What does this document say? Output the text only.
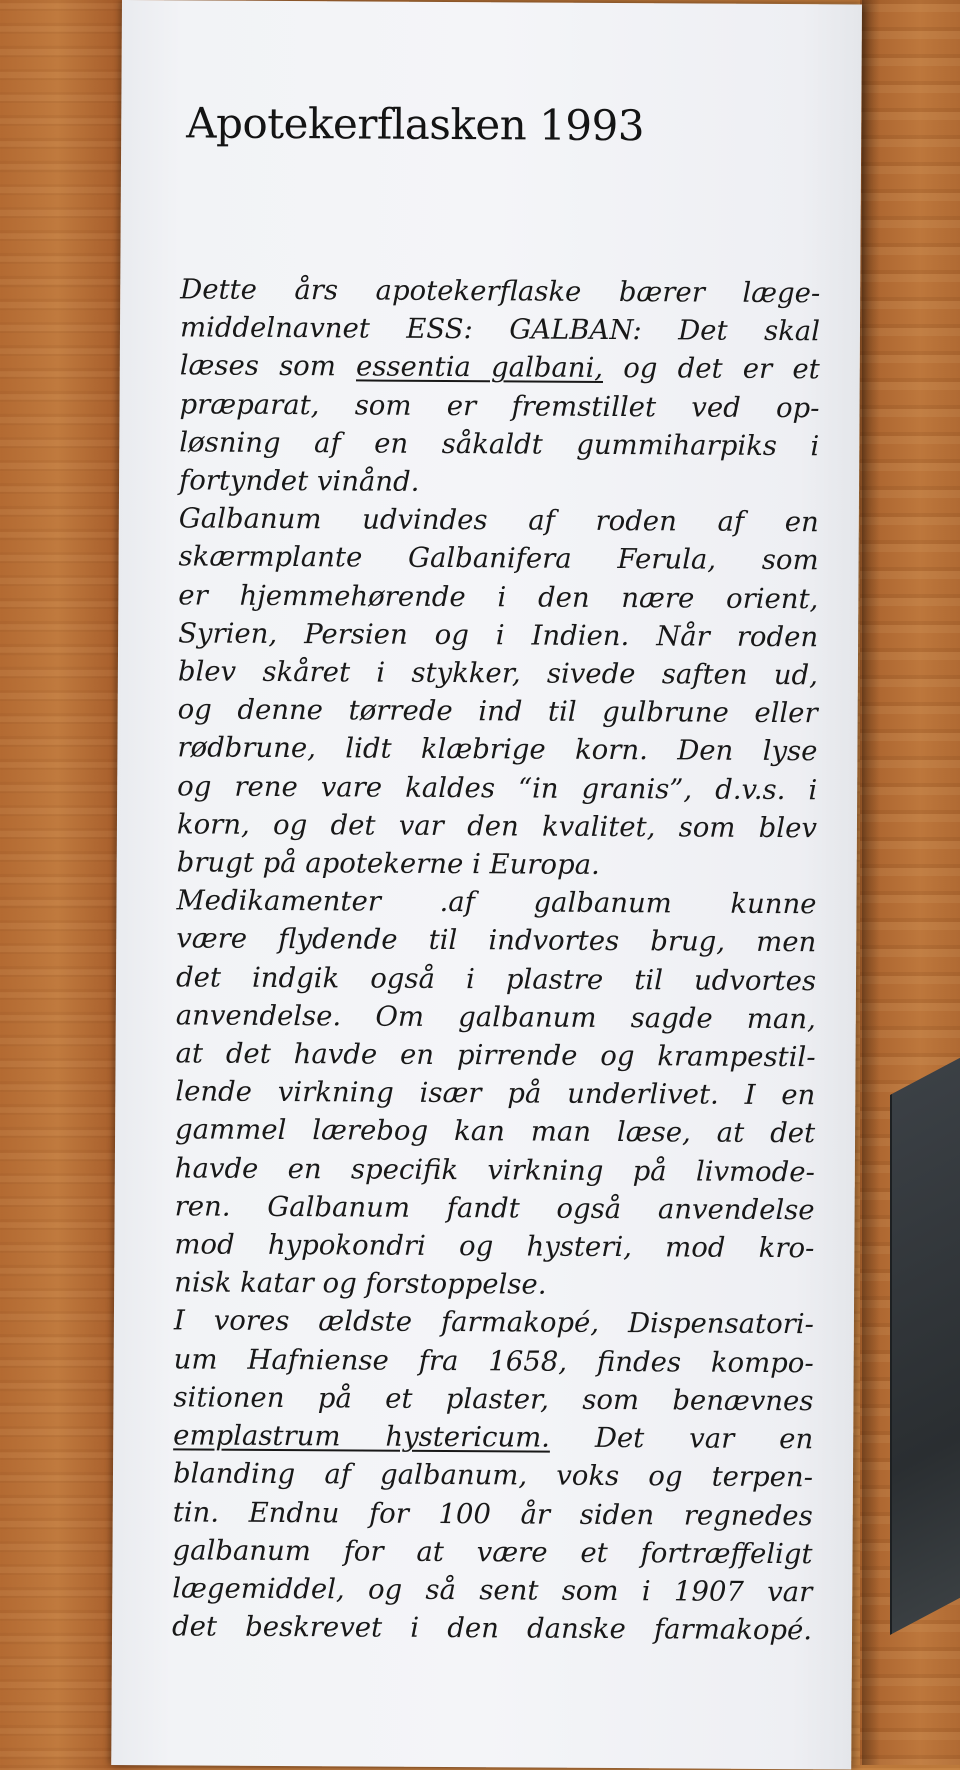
Apotekerflasken 1993
Dette års apotekerflaske bærer læge-
middelnavnet ESS: GALBAN: Det skal
læses som essentia galbani, og det er et
præparat, som er fremstillet ved op-
løsning af en såkaldt gummiharpiks i
fortyndet vinånd.
Galbanum udvindes af roden af en
skærmplante Galbanifera Ferula, som
er hjemmehørende i den nære orient,
Syrien, Persien og i Indien. Når roden
blev skåret i stykker, sivede saften ud,
og denne tørrede ind til gulbrune eller
rødbrune, lidt klæbrige korn. Den lyse
og rene vare kaldes “in granis”, d.v.s. i
korn, og det var den kvalitet, som blev
brugt på apotekerne i Europa.
Medikamenter .af galbanum kunne
være flydende til indvortes brug, men
det indgik også i plastre til udvortes
anvendelse. Om galbanum sagde man,
at det havde en pirrende og krampestil-
lende virkning især på underlivet. I en
gammel lærebog kan man læse, at det
havde en specifik virkning på livmode-
ren. Galbanum fandt også anvendelse
mod hypokondri og hysteri, mod kro-
nisk katar og forstoppelse.
I vores ældste farmakopé, Dispensatori-
um Hafniense fra 1658, findes kompo-
sitionen på et plaster, som benævnes
emplastrum hystericum. Det var en
blanding af galbanum, voks og terpen-
tin. Endnu for 100 år siden regnedes
galbanum for at være et fortræffeligt
lægemiddel, og så sent som i 1907 var
det beskrevet i den danske farmakopé.
